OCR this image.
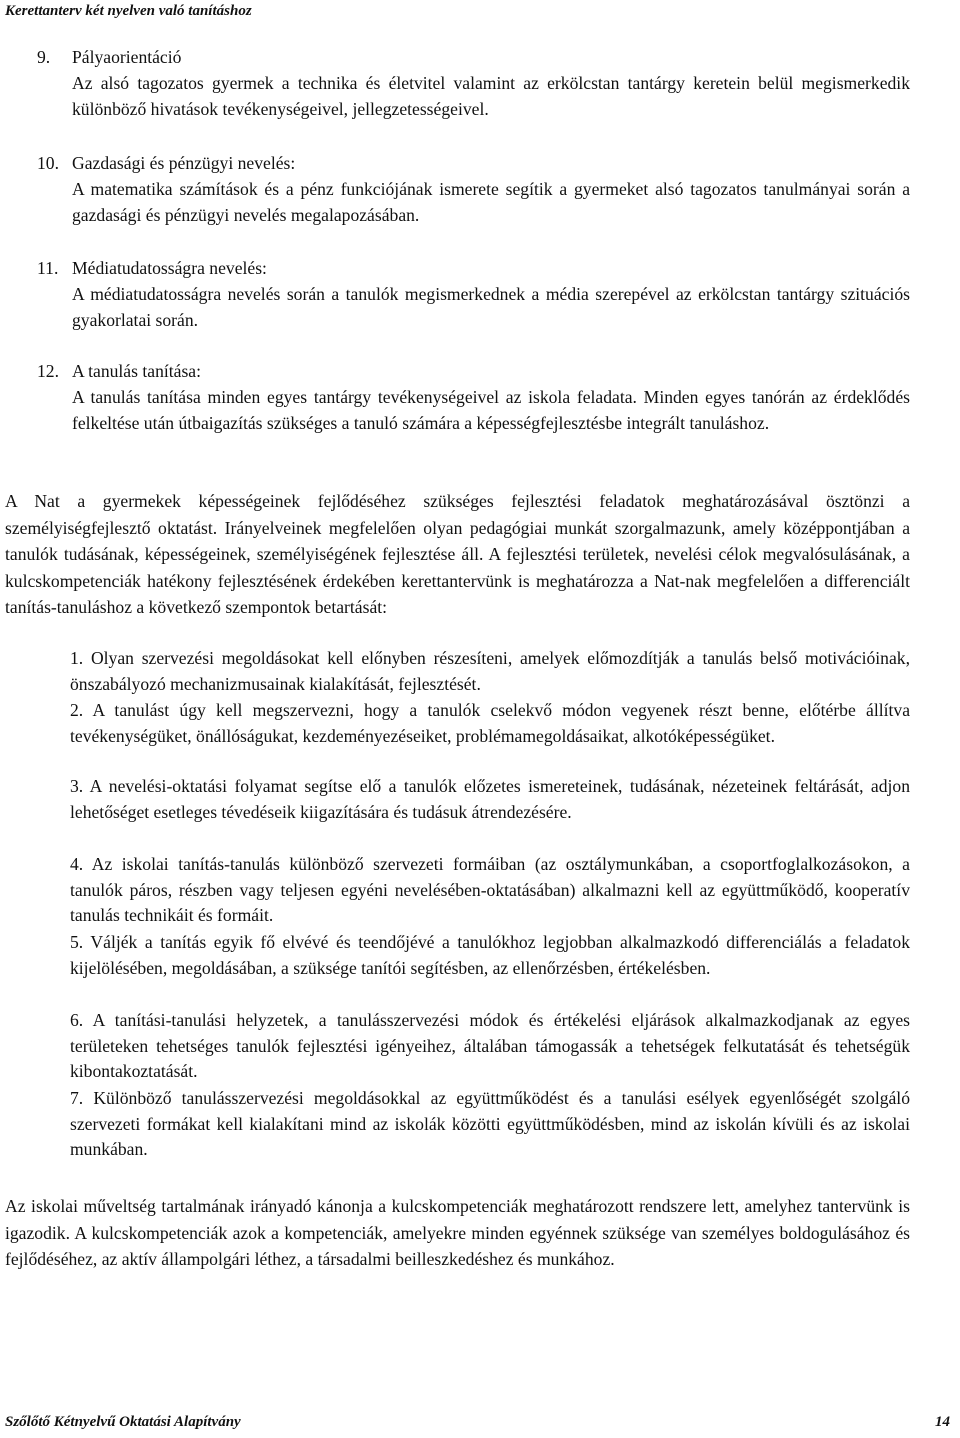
Kerettanterv két nyelven való tanításhoz
9. Pályaorientáció
Az alsó tagozatos gyermek a technika és életvitel valamint az erkölcstan tantárgy keretein belül megismerkedik különböző hivatások tevékenységeivel, jellegzetességeivel.
10. Gazdasági és pénzügyi nevelés:
A matematika számítások és a pénz funkciójának ismerete segítik a gyermeket alsó tagozatos tanulmányai során a gazdasági és pénzügyi nevelés megalapozásában.
11. Médiatudatosságra nevelés:
A médiatudatosságra nevelés során a tanulók megismerkednek a média szerepével az erkölcstan tantárgy szituációs gyakorlatai során.
12. A tanulás tanítása:
A tanulás tanítása minden egyes tantárgy tevékenységeivel az iskola feladata. Minden egyes tanórán az érdeklődés felkeltése után útbaigazítás szükséges a tanuló számára a képességfejlesztésbe integrált tanuláshoz.
A Nat a gyermekek képességeinek fejlődéséhez szükséges fejlesztési feladatok meghatározásával ösztönzi a személyiségfejlesztő oktatást. Irányelveinek megfelelően olyan pedagógiai munkát szorgalmazunk, amely középpontjában a tanulók tudásának, képességeinek, személyiségének fejlesztése áll. A fejlesztési területek, nevelési célok megvalósulásának, a kulcskompetenciák hatékony fejlesztésének érdekében kerettantervünk is meghatározza a Nat-nak megfelelően a differenciált tanítás-tanuláshoz a következő szempontok betartását:
1. Olyan szervezési megoldásokat kell előnyben részesíteni, amelyek előmozdítják a tanulás belső motivációinak, önszabályozó mechanizmusainak kialakítását, fejlesztését.
2. A tanulást úgy kell megszervezni, hogy a tanulók cselekvő módon vegyenek részt benne, előtérbe állítva tevékenységüket, önállóságukat, kezdeményezéseiket, problémamegoldásaikat, alkotóképességüket.
3. A nevelési-oktatási folyamat segítse elő a tanulók előzetes ismereteinek, tudásának, nézeteinek feltárását, adjon lehetőséget esetleges tévedéseik kiigazítására és tudásuk átrendezésére.
4. Az iskolai tanítás-tanulás különböző szervezeti formáiban (az osztálymunkában, a csoportfoglalkozásokon, a tanulók páros, részben vagy teljesen egyéni nevelésében-oktatásában) alkalmazni kell az együttműködő, kooperatív tanulás technikáit és formáit.
5. Váljék a tanítás egyik fő elvévé és teendőjévé a tanulókhoz legjobban alkalmazkodó differenciálás a feladatok kijelölésében, megoldásában, a szüksége tanítói segítésben, az ellenőrzésben, értékelésben.
6. A tanítási-tanulási helyzetek, a tanulásszervezési módok és értékelési eljárások alkalmazkodjanak az egyes területeken tehetséges tanulók fejlesztési igényeihez, általában támogassák a tehetségek felkutatását és tehetségük kibontakoztatását.
7. Különböző tanulásszervezési megoldásokkal az együttműködést és a tanulási esélyek egyenlőségét szolgáló szervezeti formákat kell kialakítani mind az iskolák közötti együttműködésben, mind az iskolán kívüli és az iskolai munkában.
Az iskolai műveltség tartalmának irányadó kánonja a kulcskompetenciák meghatározott rendszere lett, amelyhez tantervünk is igazodik. A kulcskompetenciák azok a kompetenciák, amelyekre minden egyénnek szüksége van személyes boldogulásához és fejlődéséhez, az aktív állampolgári léthez, a társadalmi beilleszkedéshez és munkához.
Szőlőtő Kétnyelvű Oktatási Alapítvány	14
